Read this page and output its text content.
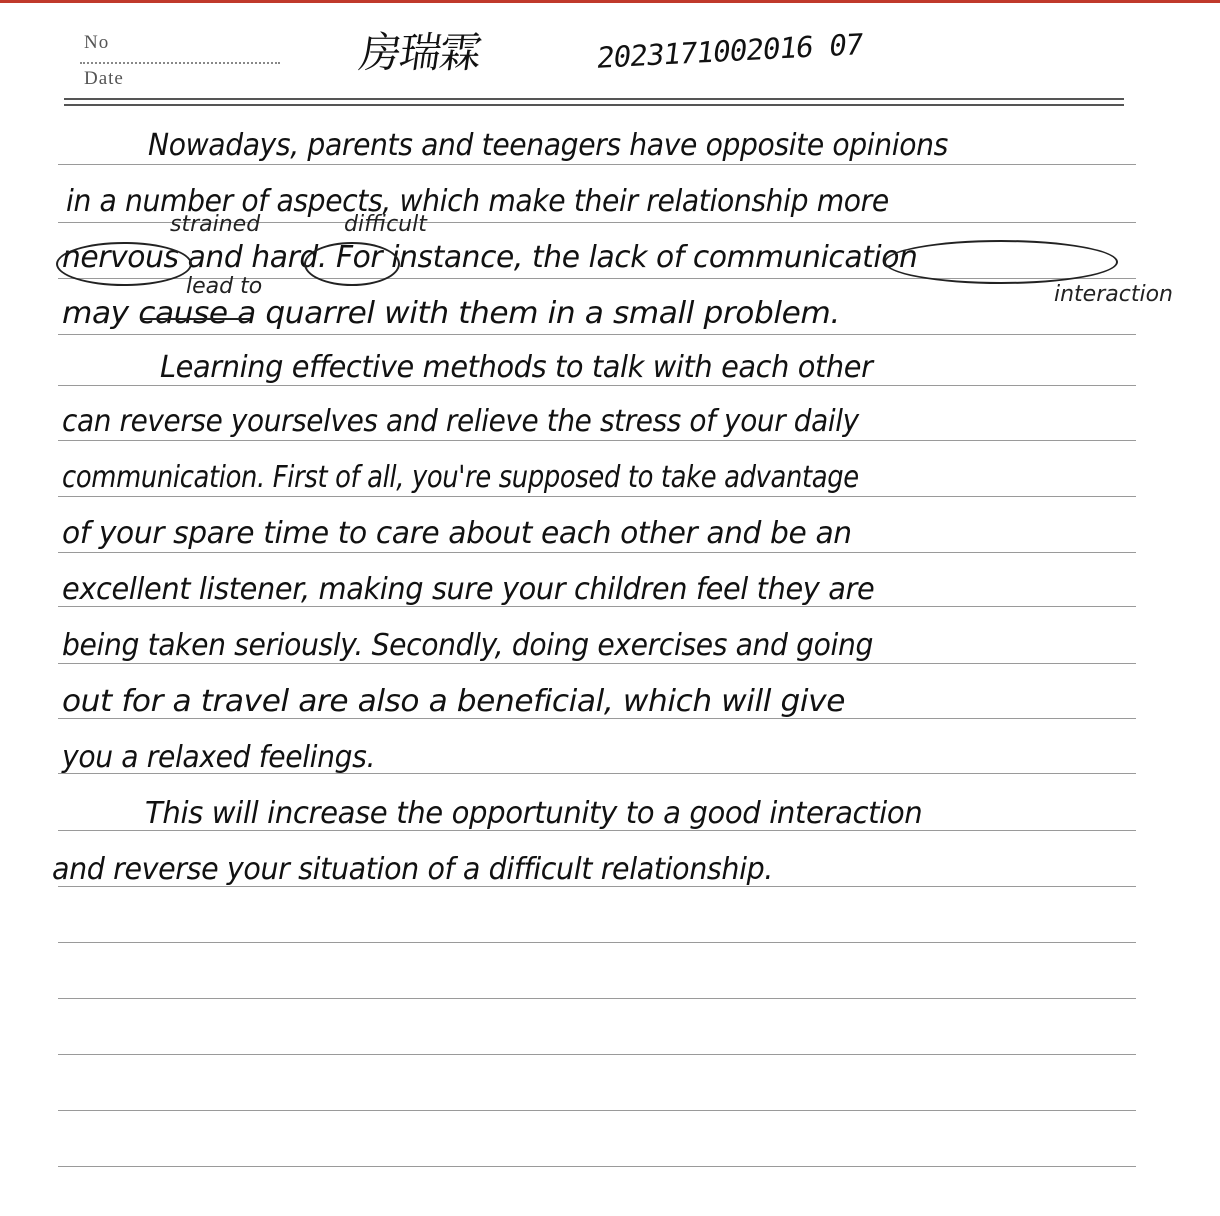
No
Date
房瑞霖	2023171002016 07
Nowadays, parents and teenagers have opposite opinions
in a number of aspects, which make their relationship more
nervous and hard. For instance, the lack of communication
may cause a quarrel with them in a small problem.
Learning effective methods to talk with each other
can reverse yourselves and relieve the stress of your daily
communication. First of all, you're supposed to take advantage
of your spare time to care about each other and be an
excellent listener, making sure your children feel they are
being taken seriously. Secondly, doing exercises and going
out for a travel are also a beneficial, which will give
you a relaxed feelings.
This will increase the opportunity to a good interaction
and reverse your situation of a difficult relationship.
strained	difficult
lead to	interaction
